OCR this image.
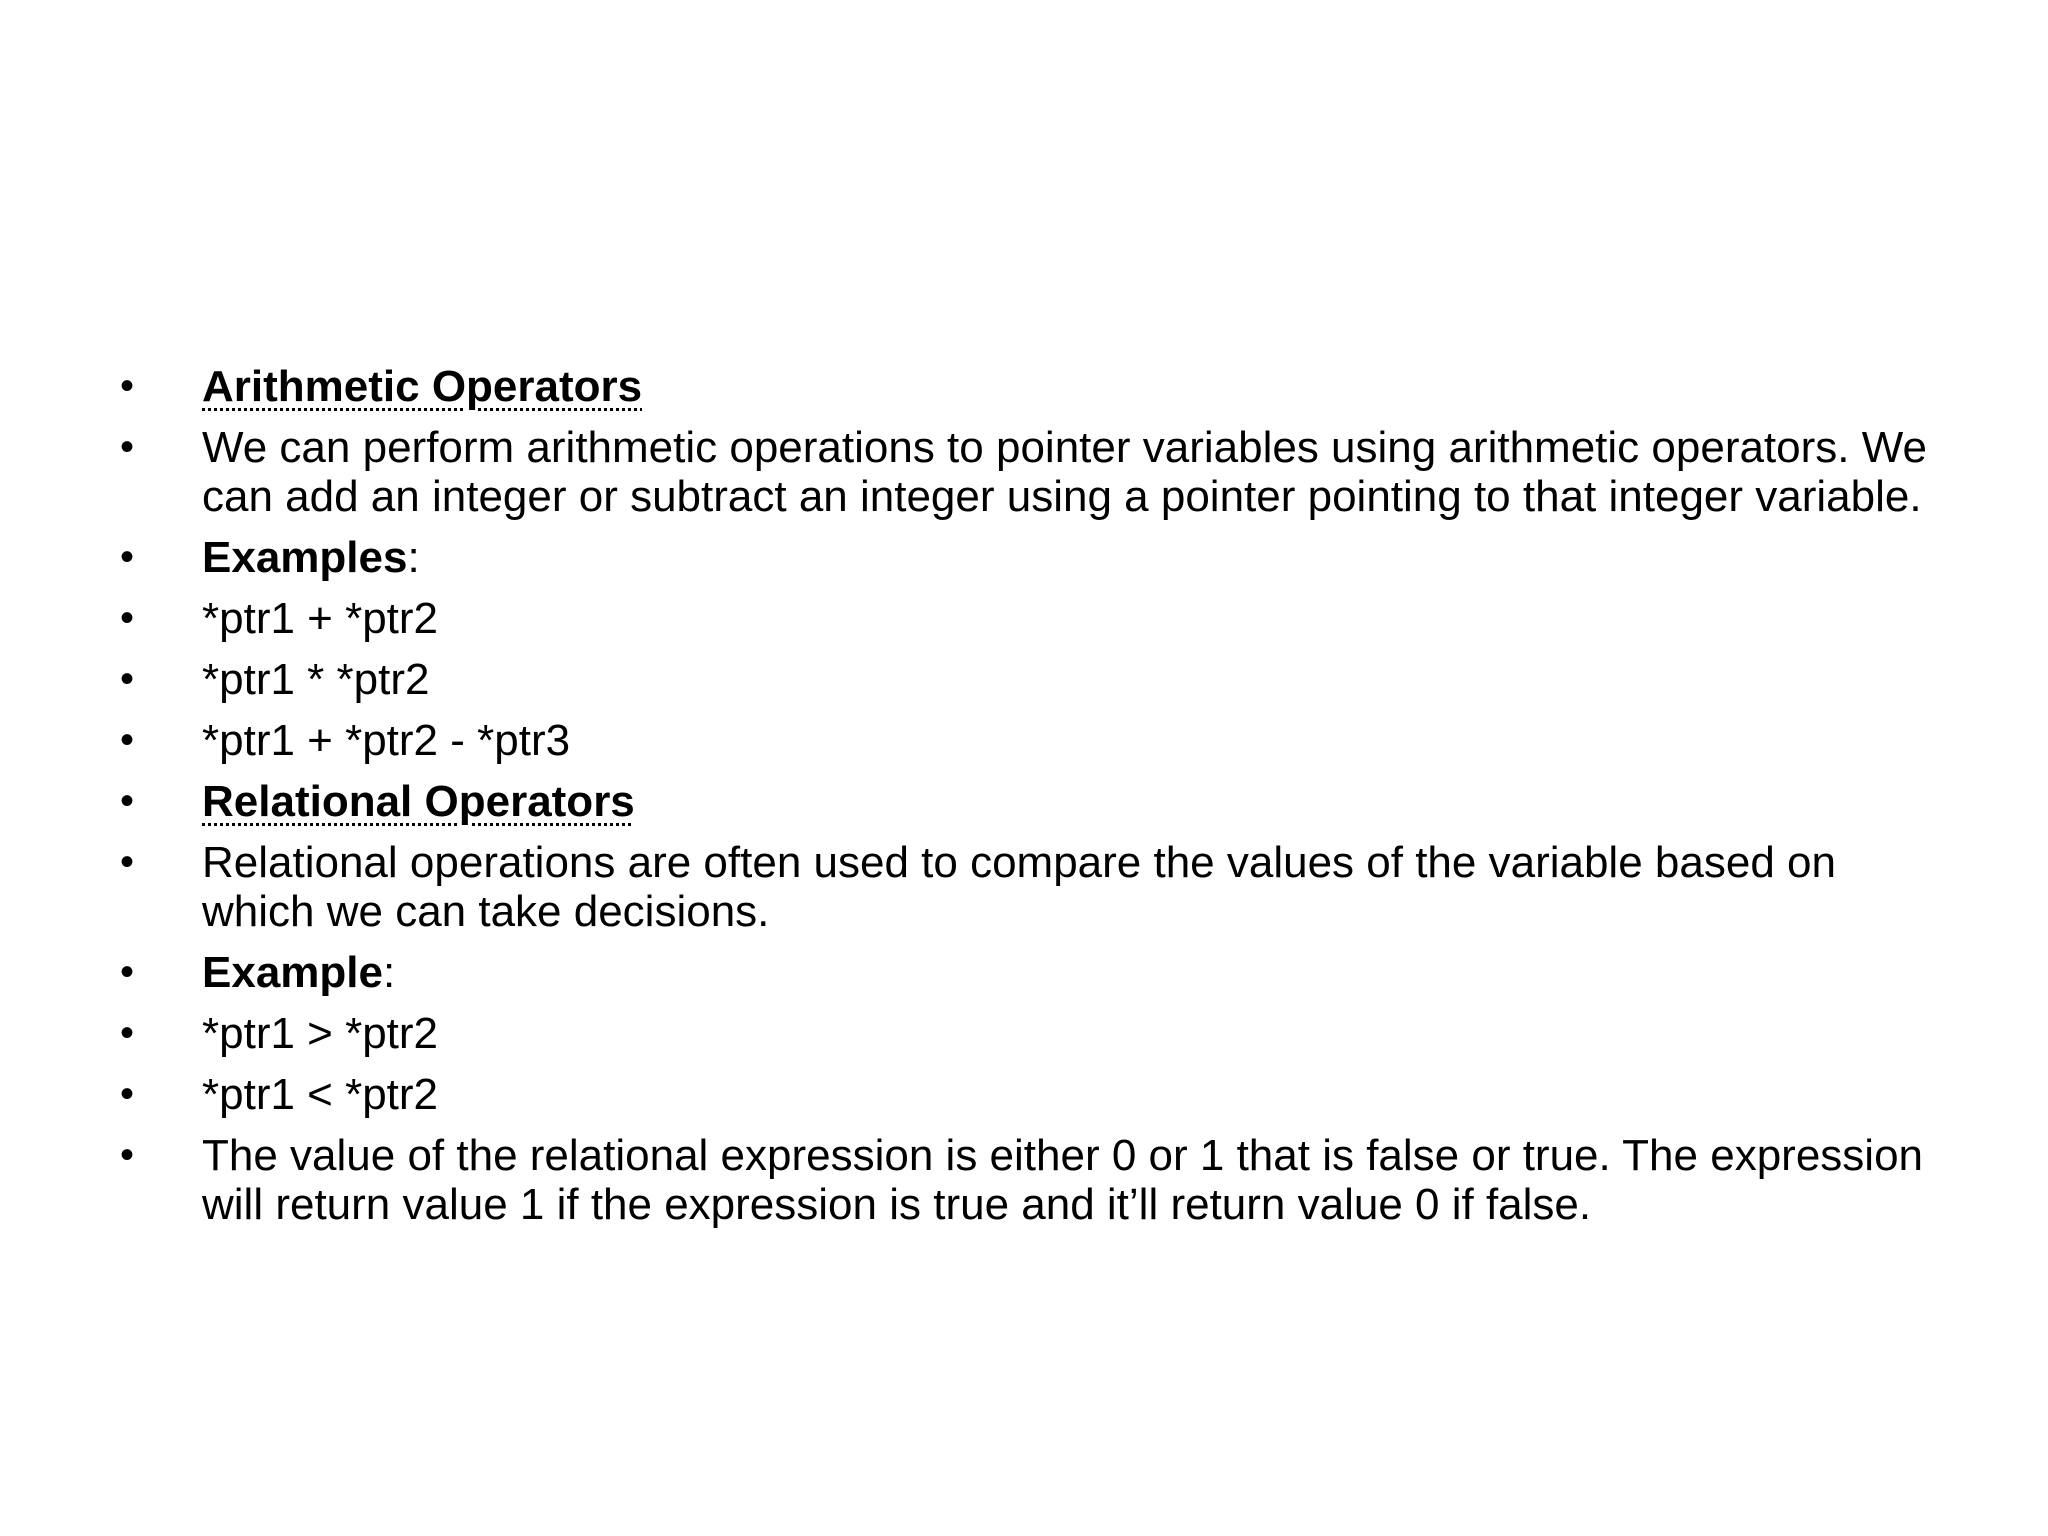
•	Arithmetic Operators
•	We can perform arithmetic operations to pointer variables using arithmetic operators. We can add an integer or subtract an integer using a pointer pointing to that integer variable.
•	Examples:
•	*ptr1 + *ptr2
•	*ptr1 * *ptr2
•	*ptr1 + *ptr2 - *ptr3
•	Relational Operators
•	Relational operations are often used to compare the values of the variable based on which we can take decisions.
•	Example:
•	*ptr1 > *ptr2
•	*ptr1 < *ptr2
•	The value of the relational expression is either 0 or 1 that is false or true. The expression will return value 1 if the expression is true and it’ll return value 0 if false.
